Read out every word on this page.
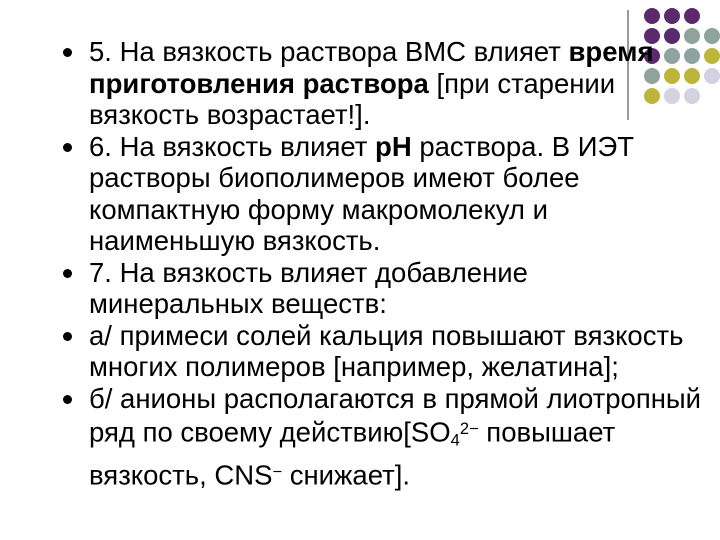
5. На вязкость раствора ВМС влияет время приготовления раствора [при старении вязкость возрастает!].
6. На вязкость влияет рН раствора. В ИЭТ растворы биополимеров имеют более компактную форму макромолекул и наименьшую вязкость.
7. На вязкость влияет добавление минеральных веществ:
а/ примеси солей кальция повышают вязкость многих полимеров [например, желатина];
б/ анионы располагаются в прямой лиотропный ряд по своему $действию[SO_4^{2-}$ повышает вязкость, CNS− снижает].
